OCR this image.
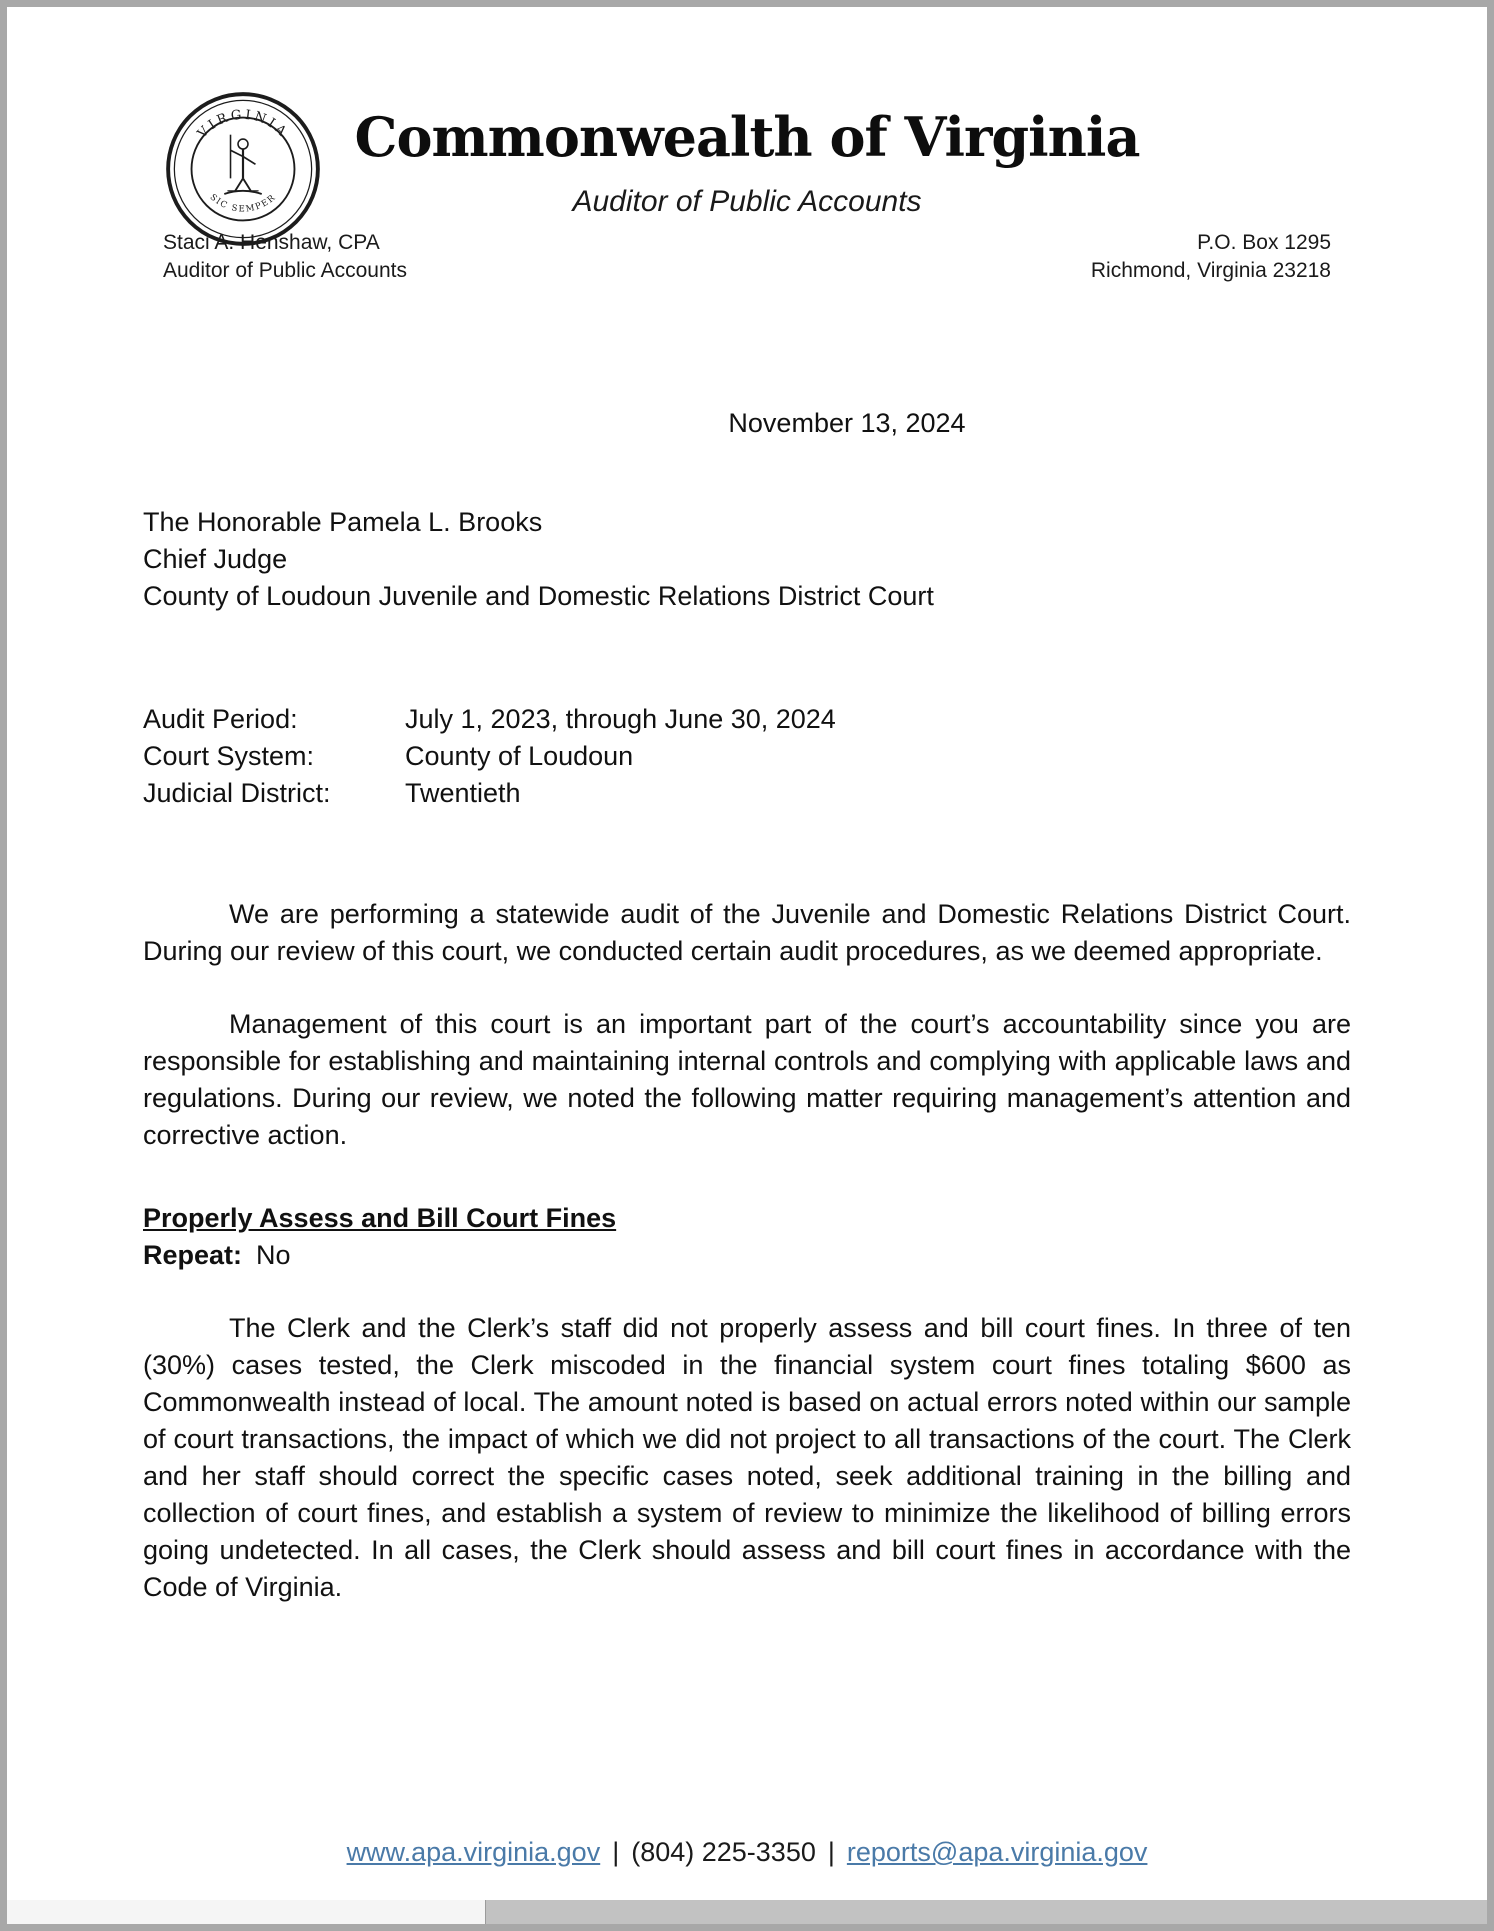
VIRGINIA
SIC SEMPER
Commonwealth of Virginia
Auditor of Public Accounts
Staci A. Henshaw, CPA
Auditor of Public Accounts
P.O. Box 1295
Richmond, Virginia 23218
November 13, 2024
The Honorable Pamela L. Brooks
Chief Judge
County of Loudoun Juvenile and Domestic Relations District Court
Audit Period:	July 1, 2023, through June 30, 2024
Court System:	County of Loudoun
Judicial District:	Twentieth

We are performing a statewide audit of the Juvenile and Domestic Relations District Court. During our review of this court, we conducted certain audit procedures, as we deemed appropriate.

Management of this court is an important part of the court’s accountability since you are responsible for establishing and maintaining internal controls and complying with applicable laws and regulations. During our review, we noted the following matter requiring management’s attention and corrective action.

Properly Assess and Bill Court Fines
Repeat: No

The Clerk and the Clerk’s staff did not properly assess and bill court fines. In three of ten (30%) cases tested, the Clerk miscoded in the financial system court fines totaling $600 as Commonwealth instead of local. The amount noted is based on actual errors noted within our sample of court transactions, the impact of which we did not project to all transactions of the court. The Clerk and her staff should correct the specific cases noted, seek additional training in the billing and collection of court fines, and establish a system of review to minimize the likelihood of billing errors going undetected. In all cases, the Clerk should assess and bill court fines in accordance with the Code of Virginia.

www.apa.virginia.gov | (804) 225-3350 | reports@apa.virginia.gov
